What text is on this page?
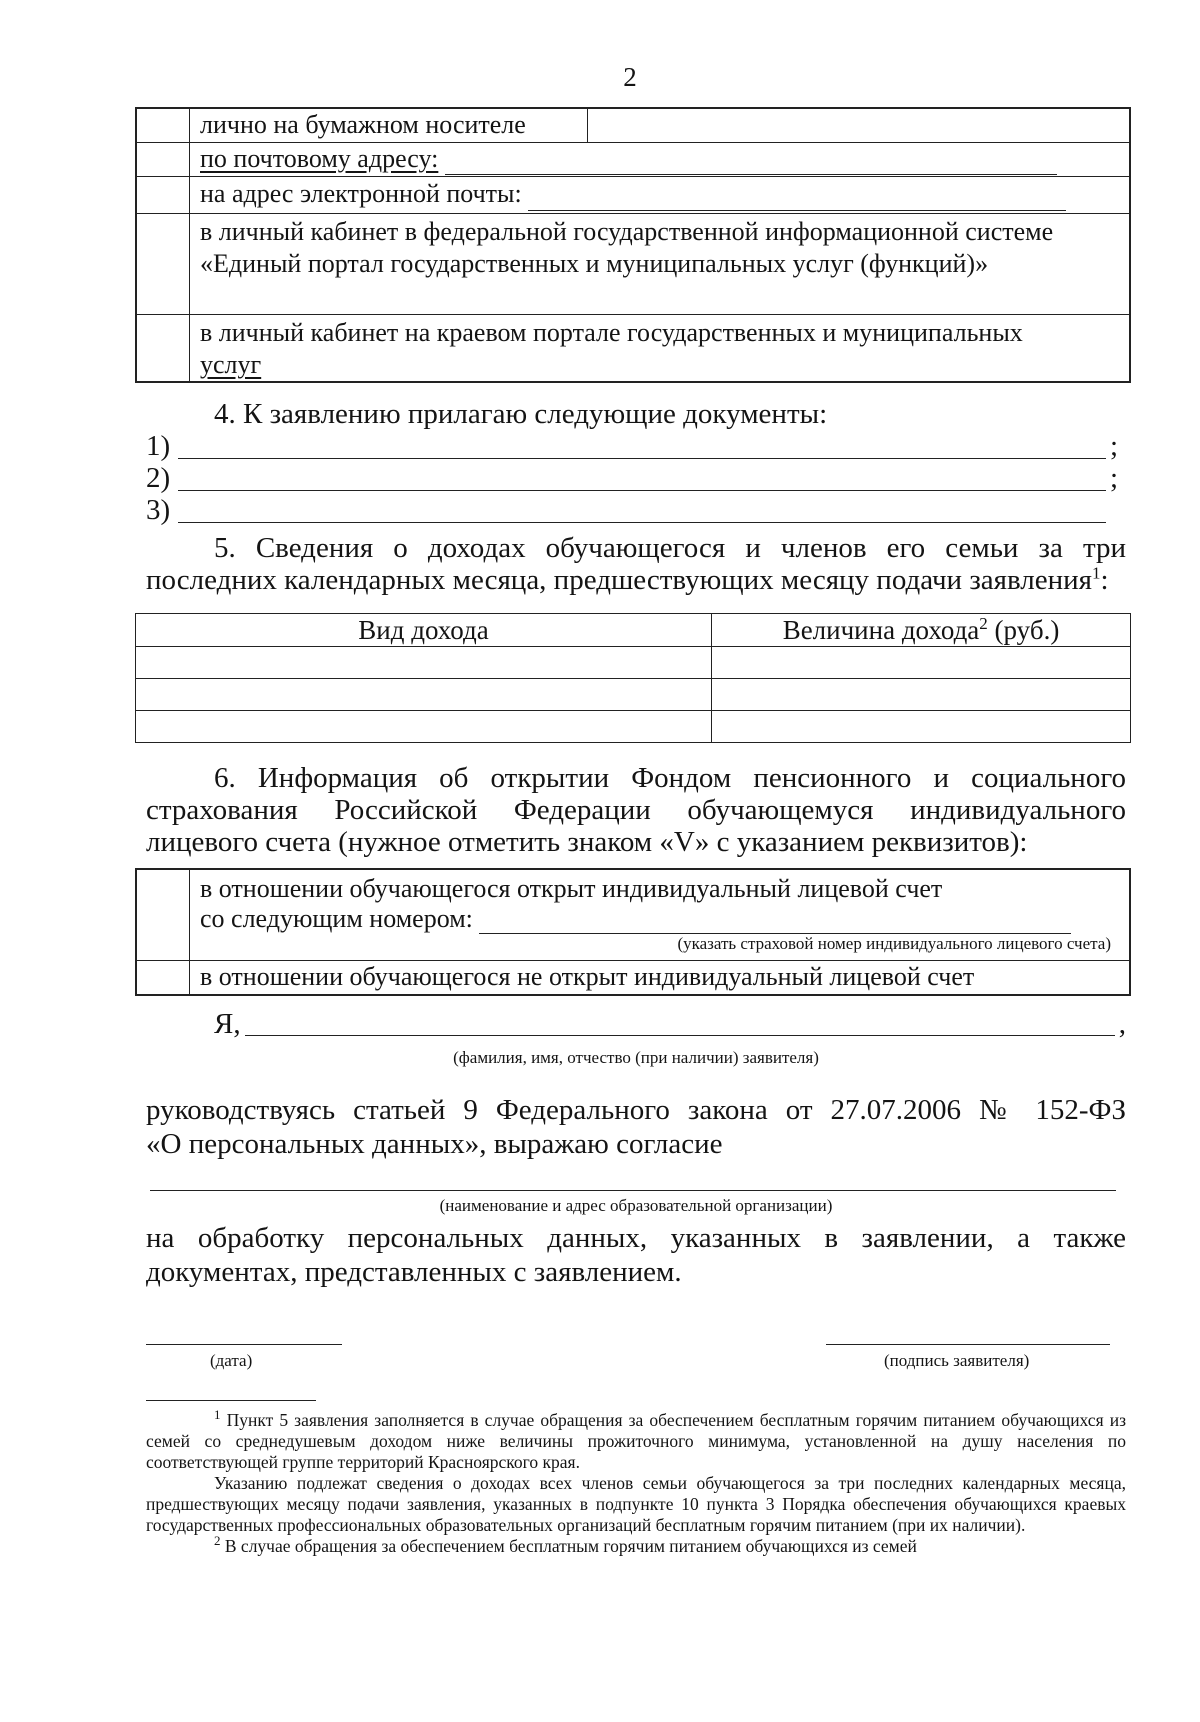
2
лично на бумажном носителе
по почтовому адресу:
на адрес электронной почты:
в личный кабинет в федеральной государственной информационной системе «Единый портал государственных и муниципальных услуг (функций)»
в личный кабинет на краевом портале государственных и муниципальных
услуг
4. К заявлению прилагаю следующие документы:
1)	;
2)	;
3)
5. Сведения о доходах обучающегося и членов его семьи за три последних календарных месяца, предшествующих месяцу подачи заявления$^1$:
Вид дохода	Величина дохода$^2$ (руб.)

6. Информация об открытии Фондом пенсионного и социального страхования Российской Федерации обучающемуся индивидуального лицевого счета (нужное отметить знаком «V» с указанием реквизитов):
в отношении обучающегося открыт индивидуальный лицевой счет
со следующим номером:

(указать страховой номер индивидуального лицевого счета)
в отношении обучающегося не открыт индивидуальный лицевой счет
Я,	,
(фамилия, имя, отчество (при наличии) заявителя)
руководствуясь статьей 9 Федерального закона от 27.07.2006 № 152-ФЗ
«О персональных данных», выражаю согласие
(наименование и адрес образовательной организации)
на обработку персональных данных, указанных в заявлении, а также
документах, представленных с заявлением.
(дата)	(подпись заявителя)

$^1$ Пункт 5 заявления заполняется в случае обращения за обеспечением бесплатным горячим питанием обучающихся из семей со среднедушевым доходом ниже величины прожиточного минимума, установленной на душу населения по соответствующей группе территорий Красноярского края.

Указанию подлежат сведения о доходах всех членов семьи обучающегося за три последних календарных месяца, предшествующих месяцу подачи заявления, указанных в подпункте 10 пункта 3 Порядка обеспечения обучающихся краевых государственных профессиональных образовательных организаций бесплатным горячим питанием (при их наличии).

$^2$ В случае обращения за обеспечением бесплатным горячим питанием обучающихся из семей
